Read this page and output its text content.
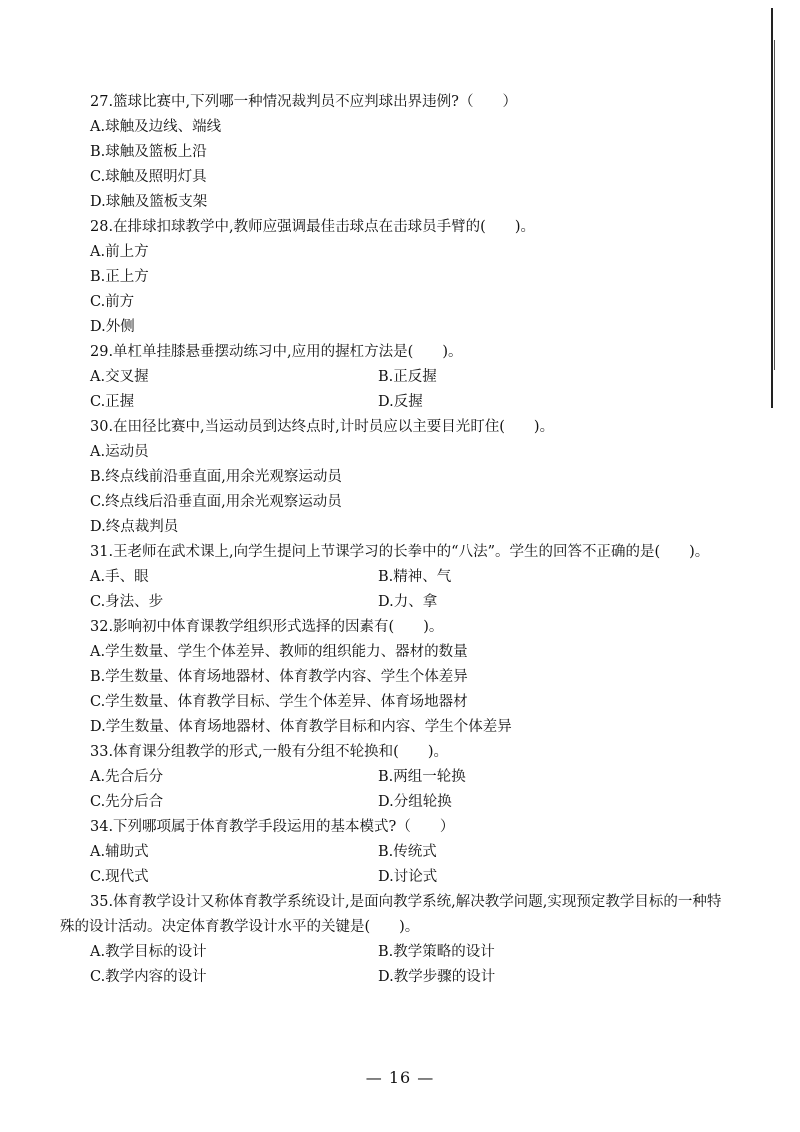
27.篮球比赛中,下列哪一种情况裁判员不应判球出界违例?（　　）
A.球触及边线、端线
B.球触及篮板上沿
C.球触及照明灯具
D.球触及篮板支架
28.在排球扣球教学中,教师应强调最佳击球点在击球员手臂的(　　)。
A.前上方
B.正上方
C.前方
D.外侧
29.单杠单挂膝悬垂摆动练习中,应用的握杠方法是(　　)。
A.交叉握	B.正反握
C.正握	D.反握
30.在田径比赛中,当运动员到达终点时,计时员应以主要目光盯住(　　)。
A.运动员
B.终点线前沿垂直面,用余光观察运动员
C.终点线后沿垂直面,用余光观察运动员
D.终点裁判员
31.王老师在武术课上,向学生提问上节课学习的长拳中的“八法”。学生的回答不正确的是(　　)。
A.手、眼	B.精神、气
C.身法、步	D.力、拿
32.影响初中体育课教学组织形式选择的因素有(　　)。
A.学生数量、学生个体差异、教师的组织能力、器材的数量
B.学生数量、体育场地器材、体育教学内容、学生个体差异
C.学生数量、体育教学目标、学生个体差异、体育场地器材
D.学生数量、体育场地器材、体育教学目标和内容、学生个体差异
33.体育课分组教学的形式,一般有分组不轮换和(　　)。
A.先合后分	B.两组一轮换
C.先分后合	D.分组轮换
34.下列哪项属于体育教学手段运用的基本模式?（　　）
A.辅助式	B.传统式
C.现代式	D.讨论式
35.体育教学设计又称体育教学系统设计,是面向教学系统,解决教学问题,实现预定教学目标的一种特殊的设计活动。决定体育教学设计水平的关键是(　　)。
A.教学目标的设计	B.教学策略的设计
C.教学内容的设计	D.教学步骤的设计
— 16 —
